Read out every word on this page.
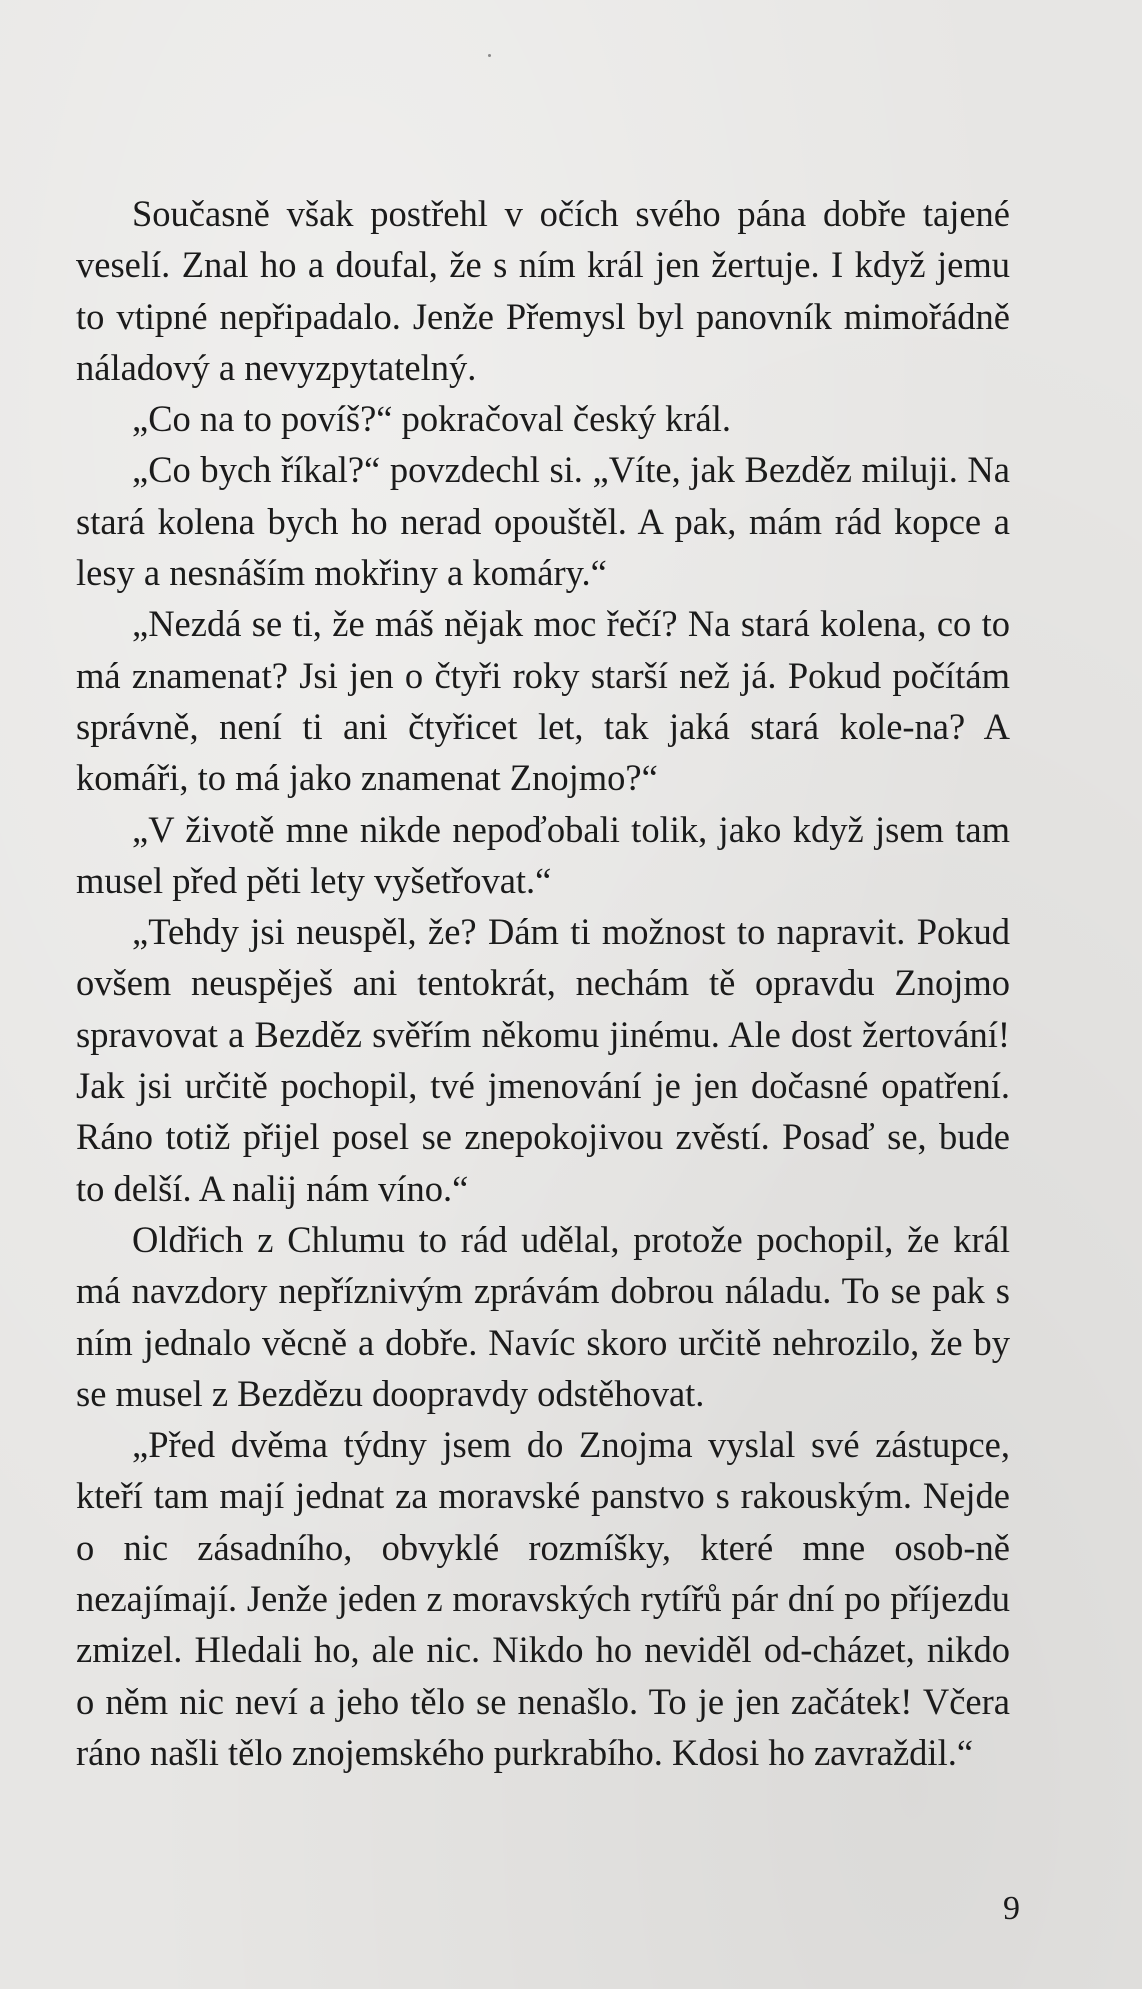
Současně však postřehl v očích svého pána dobře tajené veselí. Znal ho a doufal, že s ním král jen žertuje. I když jemu to vtipné nepřipadalo. Jenže Přemysl byl panovník mimořádně náladový a nevyzpytatelný.

„Co na to povíš?“ pokračoval český král.

„Co bych říkal?“ povzdechl si. „Víte, jak Bezděz miluji. Na stará kolena bych ho nerad opouštěl. A pak, mám rád kopce a lesy a nesnáším mokřiny a komáry.“

„Nezdá se ti, že máš nějak moc řečí? Na stará kolena, co to má znamenat? Jsi jen o čtyři roky starší než já. Pokud počítám správně, není ti ani čtyřicet let, tak jaká stará kole-na? A komáři, to má jako znamenat Znojmo?“

„V životě mne nikde nepoďobali tolik, jako když jsem tam musel před pěti lety vyšetřovat.“

„Tehdy jsi neuspěl, že? Dám ti možnost to napravit. Pokud ovšem neuspěješ ani tentokrát, nechám tě opravdu Znojmo spravovat a Bezděz svěřím někomu jinému. Ale dost žertování! Jak jsi určitě pochopil, tvé jmenování je jen dočasné opatření. Ráno totiž přijel posel se znepokojivou zvěstí. Posaď se, bude to delší. A nalij nám víno.“

Oldřich z Chlumu to rád udělal, protože pochopil, že král má navzdory nepříznivým zprávám dobrou náladu. To se pak s ním jednalo věcně a dobře. Navíc skoro určitě nehrozilo, že by se musel z Bezdězu doopravdy odstěhovat.

„Před dvěma týdny jsem do Znojma vyslal své zástupce, kteří tam mají jednat za moravské panstvo s rakouským. Nejde o nic zásadního, obvyklé rozmíšky, které mne osob-ně nezajímají. Jenže jeden z moravských rytířů pár dní po příjezdu zmizel. Hledali ho, ale nic. Nikdo ho neviděl od-cházet, nikdo o něm nic neví a jeho tělo se nenašlo. To je jen začátek! Včera ráno našli tělo znojemského purkrabího. Kdosi ho zavraždil.“

9
